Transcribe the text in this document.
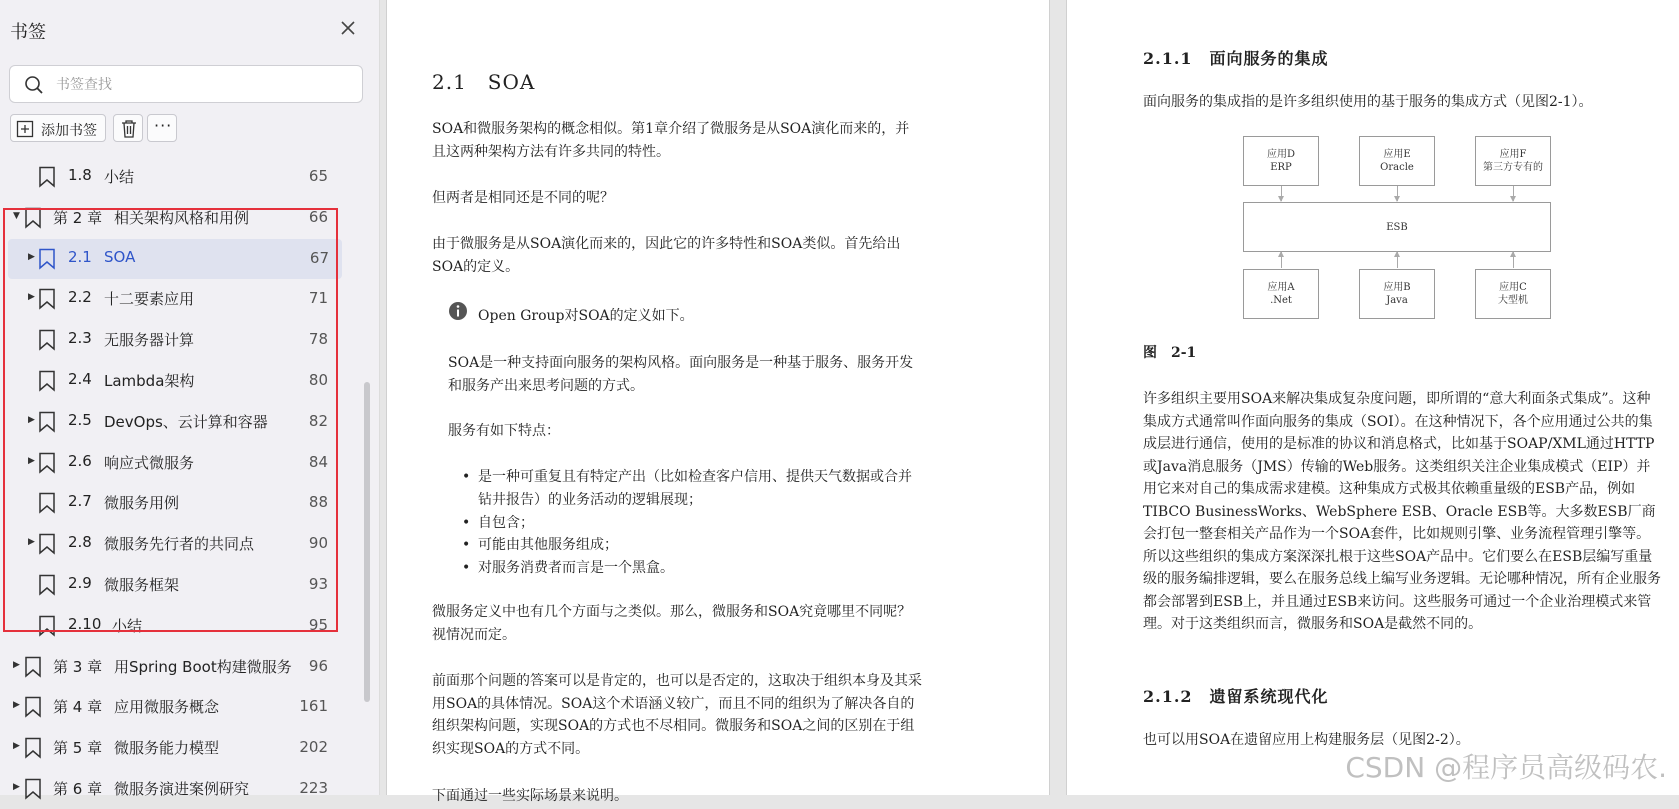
书签
书签查找
添加书签	···
1.8 小结	65
▼ 第 2 章 相关架构风格和用例	66
▶ 2.1 SOA	67
▶ 2.2 十二要素应用	71
2.3 无服务器计算	78
2.4 Lambda架构	80
▶ 2.5 DevOps、云计算和容器	82
▶ 2.6 响应式微服务	84
2.7 微服务用例	88
▶ 2.8 微服务先行者的共同点	90
2.9 微服务框架	93
2.10 小结	95
▶ 第 3 章 用Spring Boot构建微服务 96
▶ 第 4 章 应用微服务概念	161
▶ 第 5 章 微服务能力模型	202
▶ 第 6 章 微服务演进案例研究	223
2.1　SOA
SOA和微服务架构的概念相似。第1章介绍了微服务是从SOA演化而来的，并且这两种架构方法有许多共同的特性。
但两者是相同还是不同的呢？
由于微服务是从SOA演化而来的，因此它的许多特性和SOA类似。首先给出SOA的定义。
Open Group对SOA的定义如下。
SOA是一种支持面向服务的架构风格。面向服务是一种基于服务、服务开发和服务产出来思考问题的方式。
服务有如下特点：
• 是一种可重复且有特定产出（比如检查客户信用、提供天气数据或合并钻井报告）的业务活动的逻辑展现；
• 自包含；
• 可能由其他服务组成；
• 对服务消费者而言是一个黑盒。
微服务定义中也有几个方面与之类似。那么，微服务和SOA究竟哪里不同呢？视情况而定。
前面那个问题的答案可以是肯定的，也可以是否定的，这取决于组织本身及其采用SOA的具体情况。SOA这个术语涵义较广，而且不同的组织为了解决各自的组织架构问题，实现SOA的方式也不尽相同。微服务和SOA之间的区别在于组织实现SOA的方式不同。
下面通过一些实际场景来说明。
2.1.1　面向服务的集成
面向服务的集成指的是许多组织使用的基于服务的集成方式（见图2-1）。
应用D
ERP
应用E
Oracle
应用F
第三方专有的
ESB
应用A
.Net
应用B
Java
应用C
大型机
图　2-1
许多组织主要用SOA来解决集成复杂度问题，即所谓的“意大利面条式集成”。这种集成方式通常叫作面向服务的集成（SOI）。在这种情况下，各个应用通过公共的集成层进行通信，使用的是标准的协议和消息格式，比如基于SOAP/XML通过HTTP或Java消息服务（JMS）传输的Web服务。这类组织关注企业集成模式（EIP）并用它来对自己的集成需求建模。这种集成方式极其依赖重量级的ESB产品，例如TIBCO BusinessWorks、WebSphere ESB、Oracle ESB等。大多数ESB厂商会打包一整套相关产品作为一个SOA套件，比如规则引擎、业务流程管理引擎等。所以这些组织的集成方案深深扎根于这些SOA产品中。它们要么在ESB层编写重量级的服务编排逻辑，要么在服务总线上编写业务逻辑。无论哪种情况，所有企业服务都会部署到ESB上，并且通过ESB来访问。这些服务可通过一个企业治理模式来管理。对于这类组织而言，微服务和SOA是截然不同的。
2.1.2　遗留系统现代化
也可以用SOA在遗留应用上构建服务层（见图2-2）。
CSDN @程序员高级码农.
